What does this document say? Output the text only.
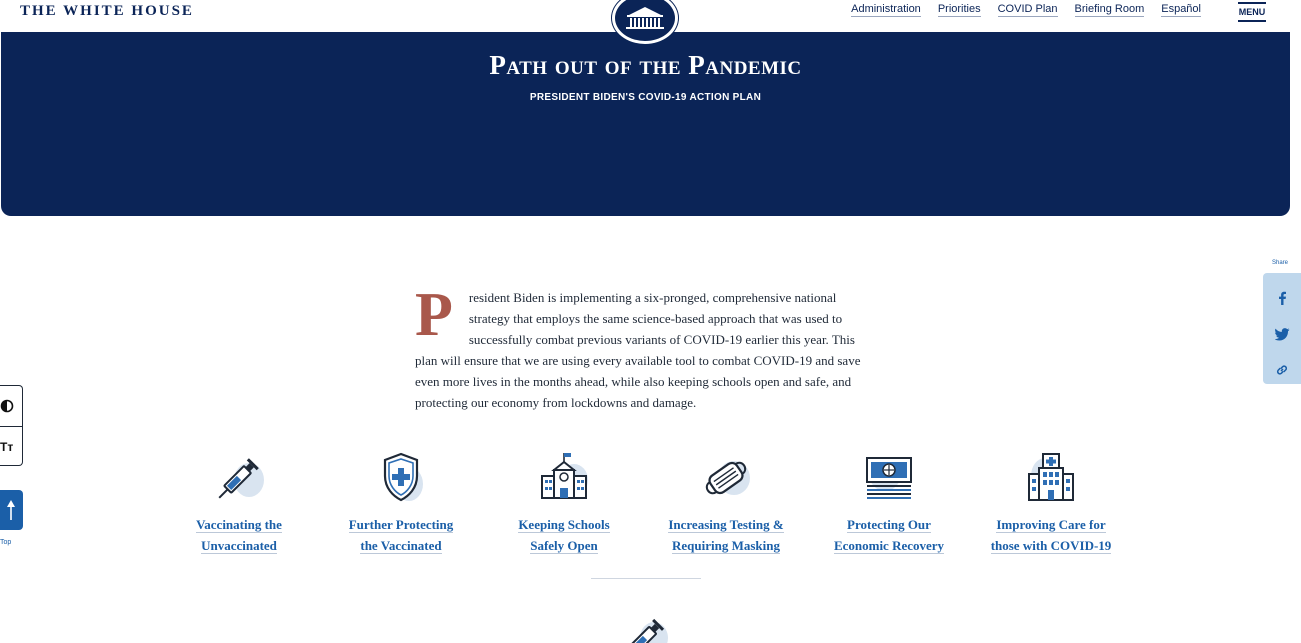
THE WHITE HOUSE	Administration Priorities COVID Plan Briefing Room Español	MENU
Path out of the Pandemic
PRESIDENT BIDEN'S COVID-19 ACTION PLAN
P resident Biden is implementing a six-pronged, comprehensive national strategy that employs the same science-based approach that was used to successfully combat previous variants of COVID-19 earlier this year. This plan will ensure that we are using every available tool to combat COVID-19 and save even more lives in the months ahead, while also keeping schools open and safe, and protecting our economy from lockdowns and damage.
Tт
Top
Share
Vaccinating the
Unvaccinated
Further Protecting
the Vaccinated
Keeping Schools
Safely Open
Increasing Testing &
Requiring Masking
Protecting Our
Economic Recovery
Improving Care for
those with COVID-19
